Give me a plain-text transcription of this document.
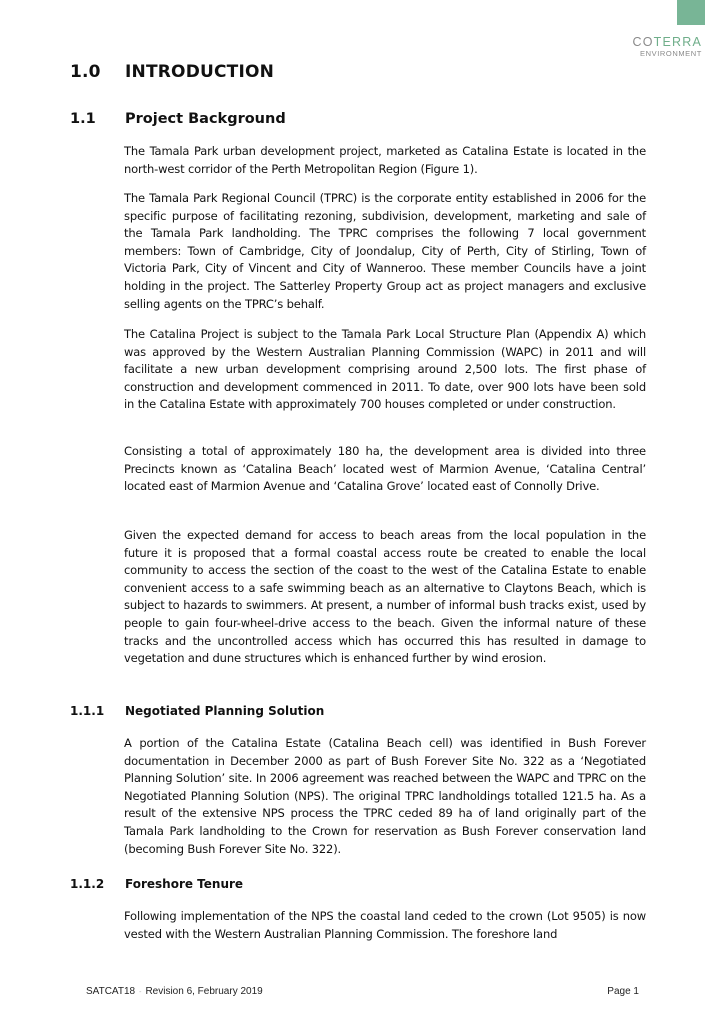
COTERRA
ENVIRONMENT
1.0 INTRODUCTION
1.1 Project Background

The Tamala Park urban development project, marketed as Catalina Estate is located in the north-west corridor of the Perth Metropolitan Region (Figure 1).

The Tamala Park Regional Council (TPRC) is the corporate entity established in 2006 for the specific purpose of facilitating rezoning, subdivision, development, marketing and sale of the Tamala Park landholding. The TPRC comprises the following 7 local government members: Town of Cambridge, City of Joondalup, City of Perth, City of Stirling, Town of Victoria Park, City of Vincent and City of Wanneroo. These member Councils have a joint holding in the project. The Satterley Property Group act as project managers and exclusive selling agents on the TPRC’s behalf.

The Catalina Project is subject to the Tamala Park Local Structure Plan (Appendix A) which was approved by the Western Australian Planning Commission (WAPC) in 2011 and will facilitate a new urban development comprising around 2,500 lots. The first phase of construction and development commenced in 2011. To date, over 900 lots have been sold in the Catalina Estate with approximately 700 houses completed or under construction.

Consisting a total of approximately 180 ha, the development area is divided into three Precincts known as ‘Catalina Beach’ located west of Marmion Avenue, ‘Catalina Central’ located east of Marmion Avenue and ‘Catalina Grove’ located east of Connolly Drive.

Given the expected demand for access to beach areas from the local population in the future it is proposed that a formal coastal access route be created to enable the local community to access the section of the coast to the west of the Catalina Estate to enable convenient access to a safe swimming beach as an alternative to Claytons Beach, which is subject to hazards to swimmers. At present, a number of informal bush tracks exist, used by people to gain four-wheel-drive access to the beach. Given the informal nature of these tracks and the uncontrolled access which has occurred this has resulted in damage to vegetation and dune structures which is enhanced further by wind erosion.

1.1.1 Negotiated Planning Solution

A portion of the Catalina Estate (Catalina Beach cell) was identified in Bush Forever documentation in December 2000 as part of Bush Forever Site No. 322 as a ‘Negotiated Planning Solution’ site. In 2006 agreement was reached between the WAPC and TPRC on the Negotiated Planning Solution (NPS). The original TPRC landholdings totalled 121.5 ha. As a result of the extensive NPS process the TPRC ceded 89 ha of land originally part of the Tamala Park landholding to the Crown for reservation as Bush Forever conservation land (becoming Bush Forever Site No. 322).

1.1.2 Foreshore Tenure

Following implementation of the NPS the coastal land ceded to the crown (Lot 9505) is now vested with the Western Australian Planning Commission. The foreshore land

SATCAT18 - Revision 6, February 2019	Page 1
